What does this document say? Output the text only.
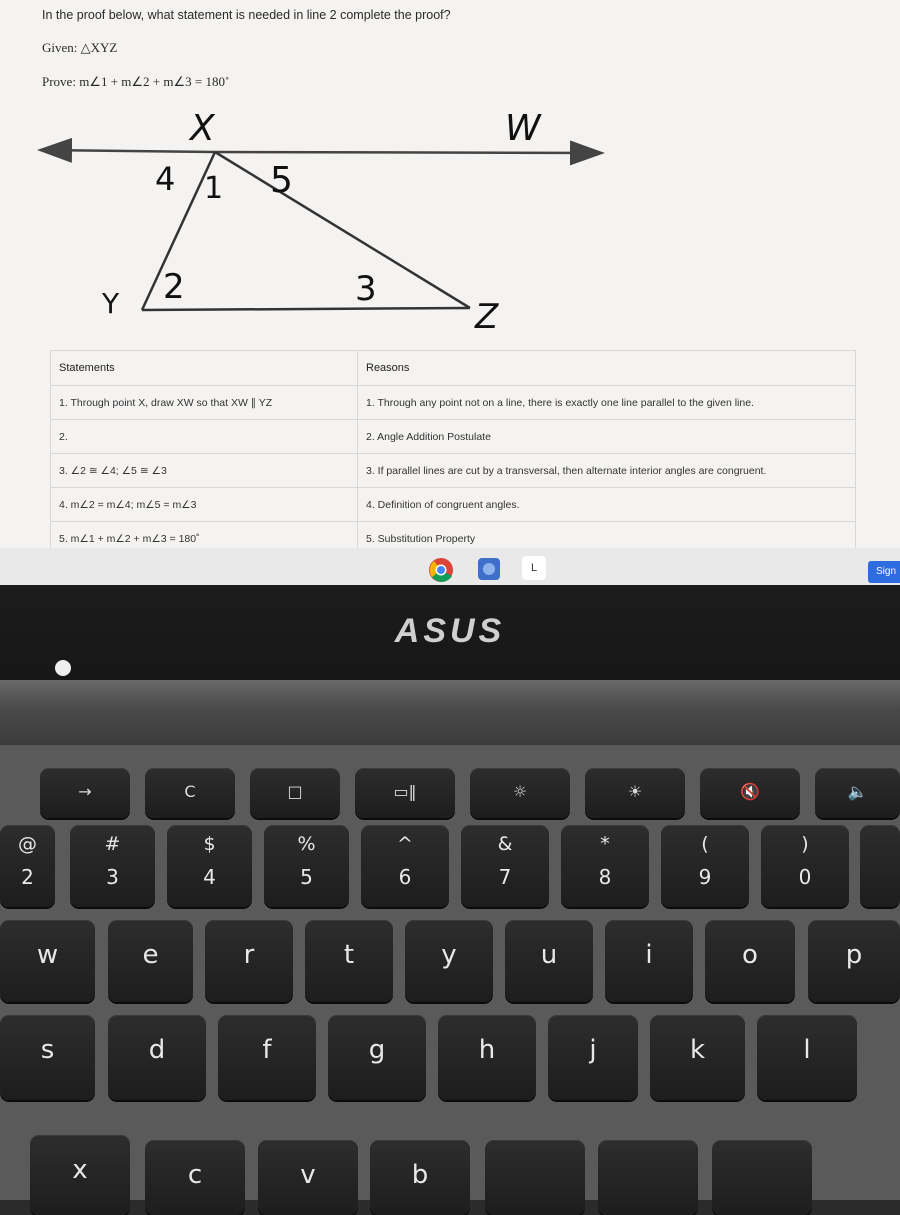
In the proof below, what statement is needed in line 2 complete the proof?
Given: △XYZ
Prove: m∠1 + m∠2 + m∠3 = 180˚
X	W
Y	Z
4 1 5
2	3
Statements	Reasons
1. Through point X, draw XW so that XW ∥ YZ	1. Through any point not on a line, there is exactly one line parallel to the given line.
2.	2. Angle Addition Postulate
3. ∠2 ≅ ∠4; ∠5 ≅ ∠3	3. If parallel lines are cut by a transversal, then alternate interior angles are congruent.
4. m∠2 = m∠4; m∠5 = m∠3	4. Definition of congruent angles.
5. m∠1 + m∠2 + m∠3 = 180˚	5. Substitution Property
L	Sign
ASUS
→	C	□	▭‖	☼	☀	🔇	🔈
@
2
#
3
$
4
%
5
^
6
&
7
*
8
(
9
)
0
w	e	r	t	y	u	i	o	p
s	d	f	g	h	j	k	l
x	c	v	b
